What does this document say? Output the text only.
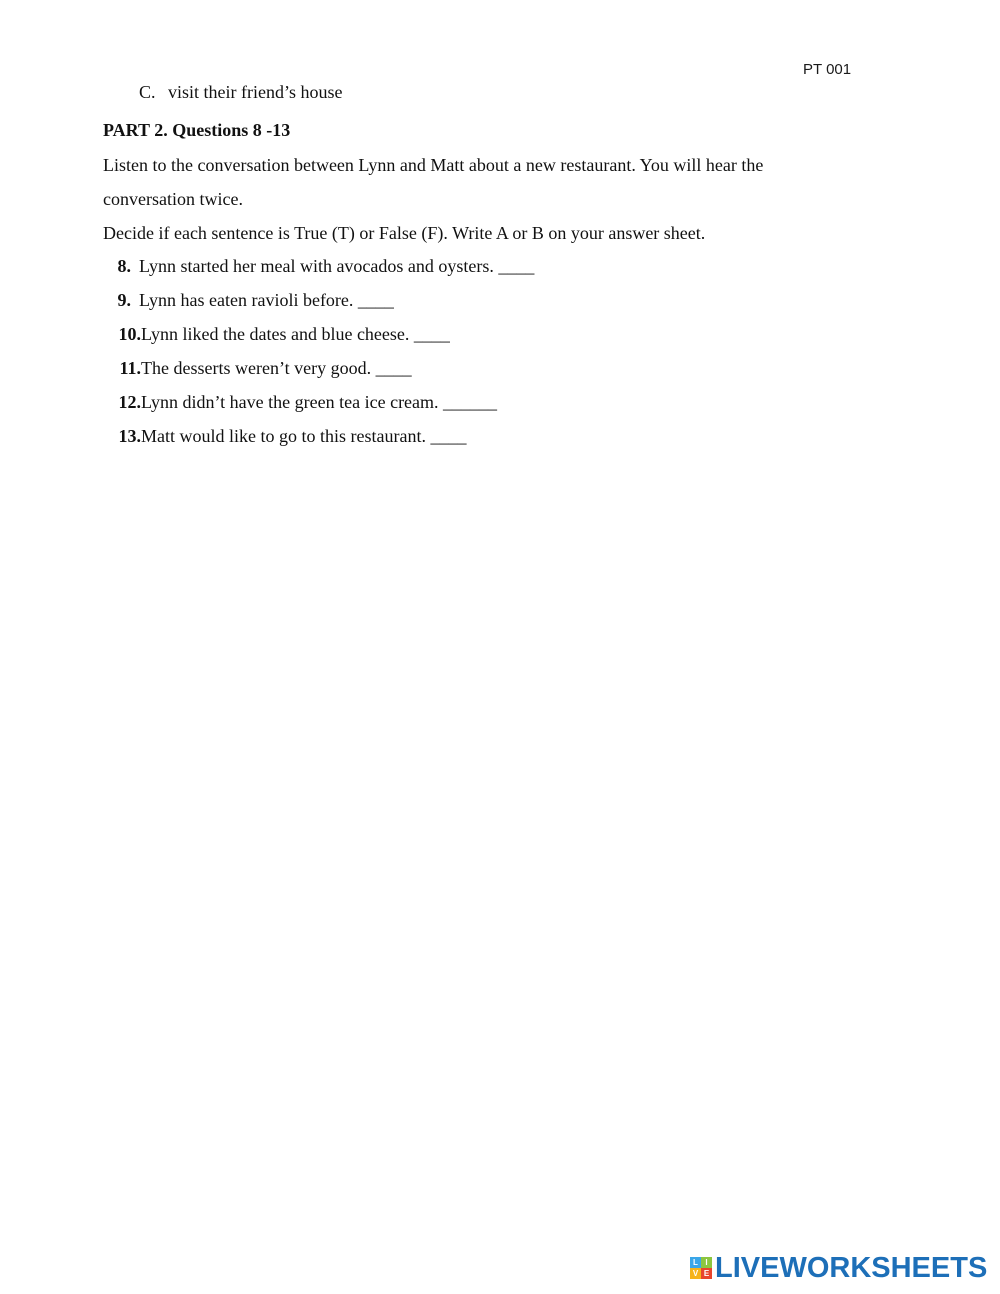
PT 001
C. visit their friend’s house
PART 2. Questions 8 -13
Listen to the conversation between Lynn and Matt about a new restaurant. You will hear the
conversation twice.
Decide if each sentence is True (T) or False (F). Write A or B on your answer sheet.
8.Lynn started her meal with avocados and oysters. ____
9.Lynn has eaten ravioli before. ____
10.Lynn liked the dates and blue cheese. ____
11.The desserts weren’t very good. ____
12.Lynn didn’t have the green tea ice cream. ______
13.Matt would like to go to this restaurant. ____
L I
V E LIVEWORKSHEETS
